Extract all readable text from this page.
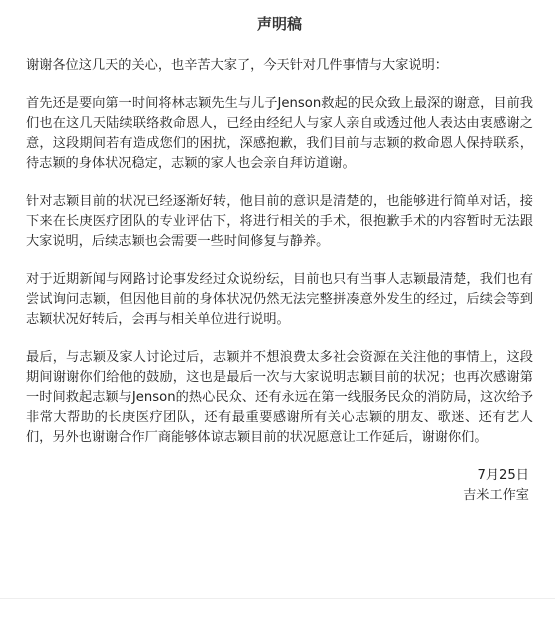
声明稿

谢谢各位这几天的关心，也辛苦大家了，今天针对几件事情与大家说明：

首先还是要向第一时间将林志颖先生与儿子Jenson救起的民众致上最深的谢意，目前我们也在这几天陆续联络救命恩人，已经由经纪人与家人亲自或透过他人表达由衷感谢之意，这段期间若有造成您们的困扰，深感抱歉，我们目前与志颖的救命恩人保持联系，待志颖的身体状况稳定，志颖的家人也会亲自拜访道谢。

针对志颖目前的状况已经逐渐好转，他目前的意识是清楚的，也能够进行简单对话，接下来在长庚医疗团队的专业评估下，将进行相关的手术，很抱歉手术的内容暂时无法跟大家说明，后续志颖也会需要一些时间修复与静养。

对于近期新闻与网路讨论事发经过众说纷纭，目前也只有当事人志颖最清楚，我们也有尝试询问志颖，但因他目前的身体状况仍然无法完整拼凑意外发生的经过，后续会等到志颖状况好转后，会再与相关单位进行说明。

最后，与志颖及家人讨论过后，志颖并不想浪费太多社会资源在关注他的事情上，这段期间谢谢你们给他的鼓励，这也是最后一次与大家说明志颖目前的状况；也再次感谢第一时间救起志颖与Jenson的热心民众、还有永远在第一线服务民众的消防局，这次给予非常大帮助的长庚医疗团队，还有最重要感谢所有关心志颖的朋友、歌迷、还有艺人们，另外也谢谢合作厂商能够体谅志颖目前的状况愿意让工作延后，谢谢你们。

7月25日
吉米工作室
